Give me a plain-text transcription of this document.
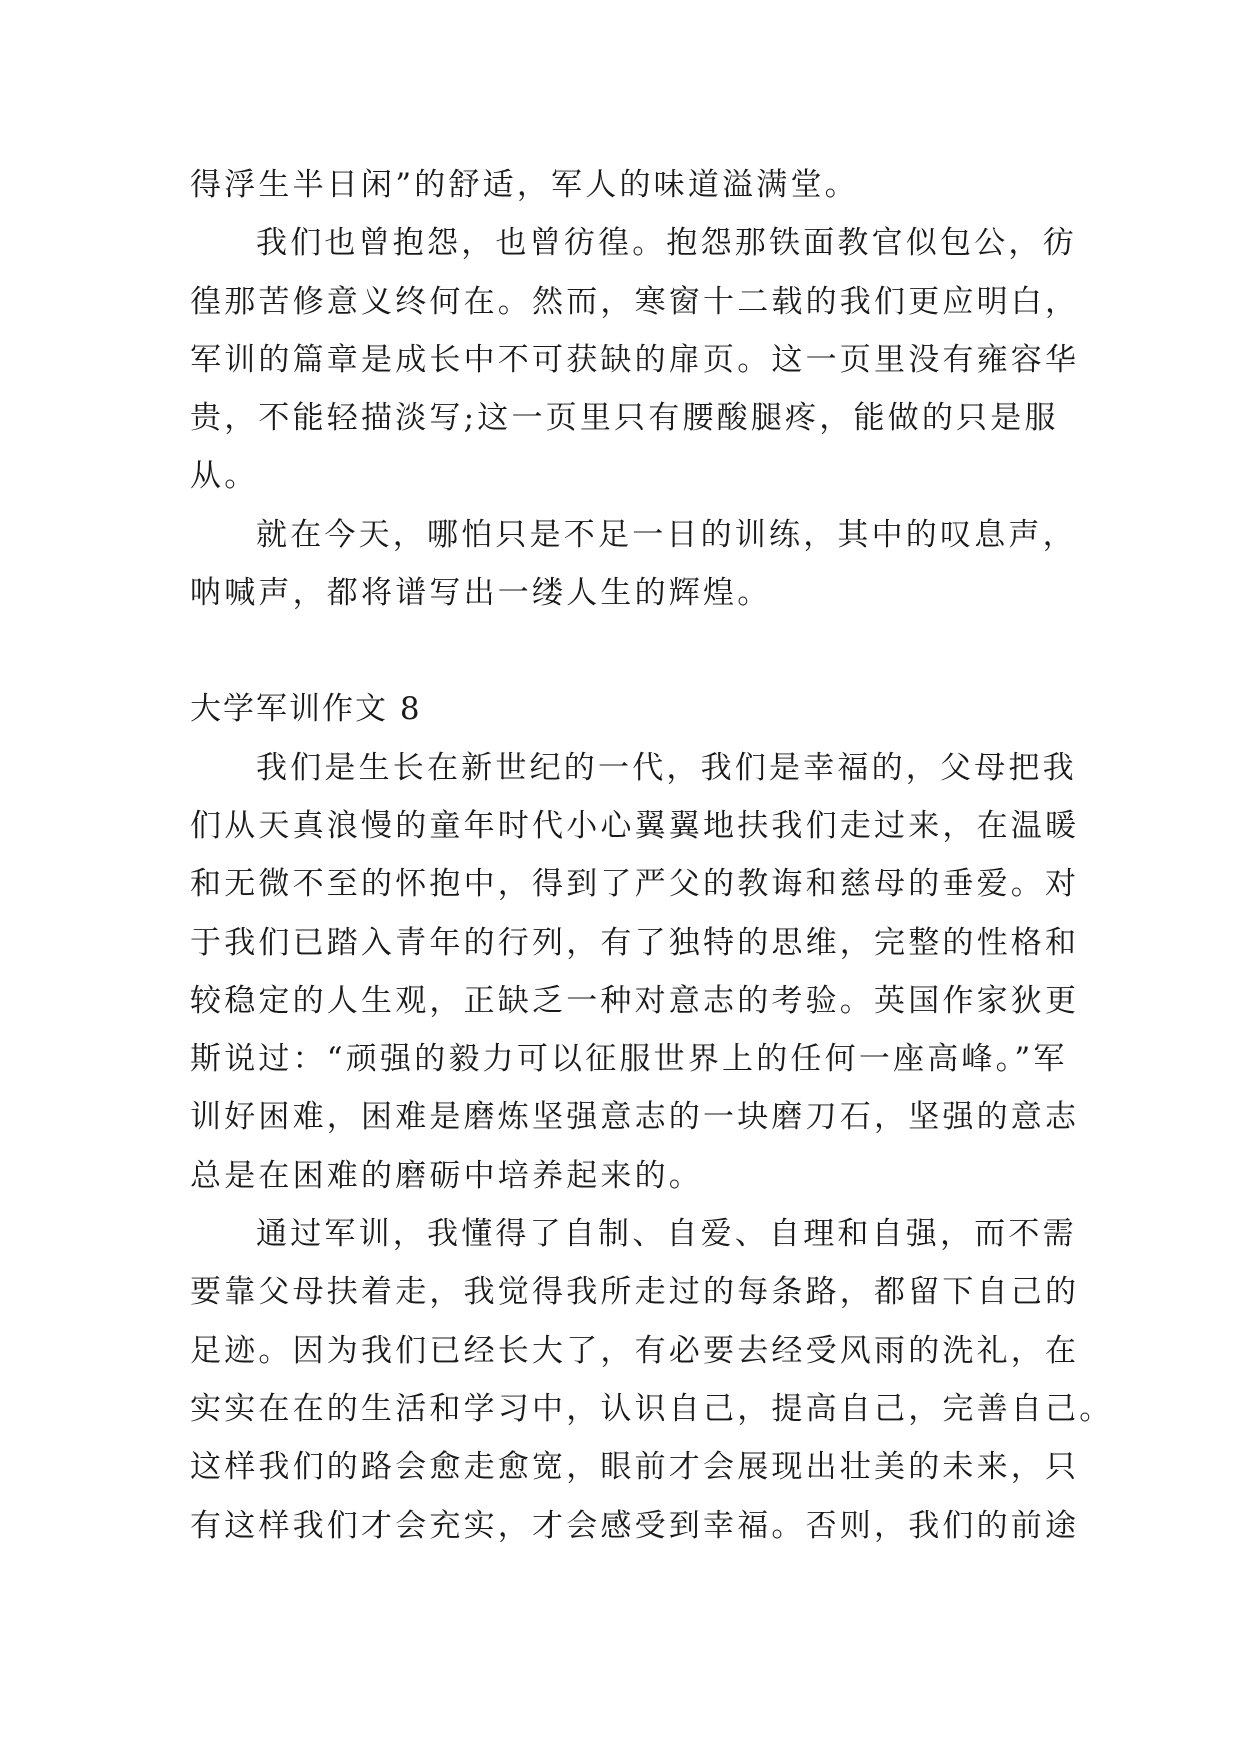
得浮生半日闲”的舒适，军人的味道溢满堂。

我们也曾抱怨，也曾彷徨。抱怨那铁面教官似包公，彷
徨那苦修意义终何在。然而，寒窗十二载的我们更应明白，
军训的篇章是成长中不可获缺的扉页。这一页里没有雍容华
贵，不能轻描淡写;这一页里只有腰酸腿疼，能做的只是服
从。

就在今天，哪怕只是不足一日的训练，其中的叹息声，
呐喊声，都将谱写出一缕人生的辉煌。

大学军训作文 8

我们是生长在新世纪的一代，我们是幸福的，父母把我
们从天真浪慢的童年时代小心翼翼地扶我们走过来，在温暖
和无微不至的怀抱中，得到了严父的教诲和慈母的垂爱。对
于我们已踏入青年的行列，有了独特的思维，完整的性格和
较稳定的人生观，正缺乏一种对意志的考验。英国作家狄更
斯说过：“顽强的毅力可以征服世界上的任何一座高峰。”军
训好困难，困难是磨炼坚强意志的一块磨刀石，坚强的意志
总是在困难的磨砺中培养起来的。

通过军训，我懂得了自制、自爱、自理和自强，而不需
要靠父母扶着走，我觉得我所走过的每条路，都留下自己的
足迹。因为我们已经长大了，有必要去经受风雨的洗礼，在
实实在在的生活和学习中，认识自己，提高自己，完善自己。
这样我们的路会愈走愈宽，眼前才会展现出壮美的未来，只
有这样我们才会充实，才会感受到幸福。否则，我们的前途
